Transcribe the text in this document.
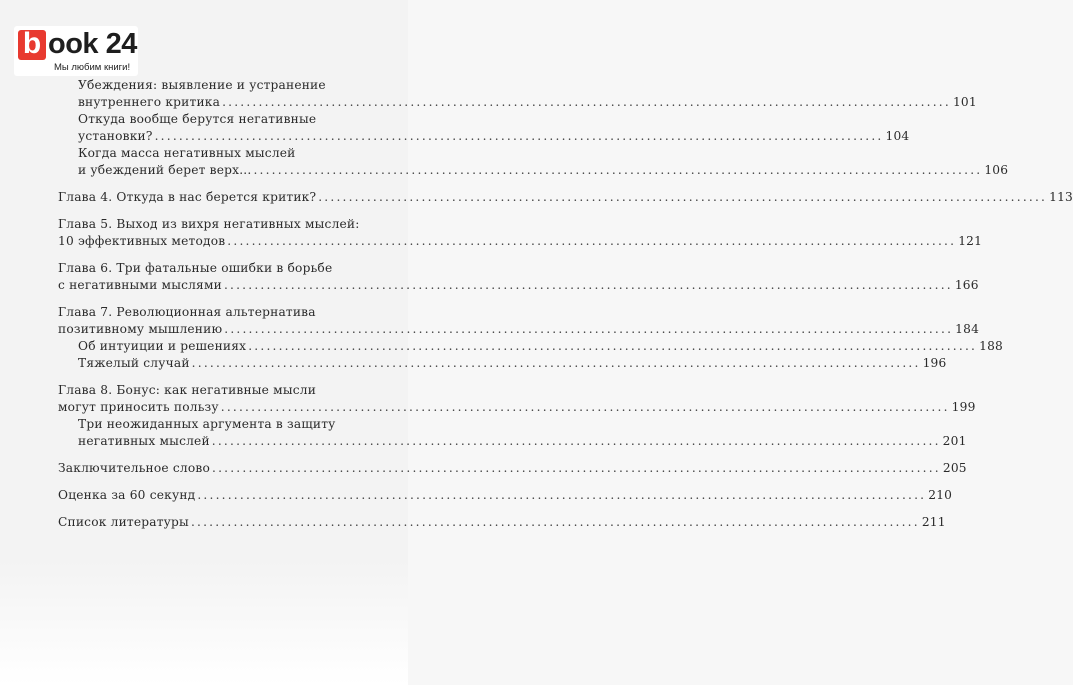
b ook 24
Мы любим книги!
Убеждения: выявление и устранение
внутреннего критика ........................................................................................................................ 101
Откуда вообще берутся негативные
установки? ........................................................................................................................ 104
Когда масса негативных мыслей
и убеждений берет верх... ........................................................................................................................ 106
Глава 4. Откуда в нас берется критик? ........................................................................................................................ 113
Глава 5. Выход из вихря негативных мыслей:
10 эффективных методов ........................................................................................................................ 121
Глава 6. Три фатальные ошибки в борьбе
с негативными мыслями ........................................................................................................................ 166
Глава 7. Революционная альтернатива
позитивному мышлению ........................................................................................................................ 184
Об интуиции и решениях ........................................................................................................................ 188
Тяжелый случай ........................................................................................................................ 196
Глава 8. Бонус: как негативные мысли
могут приносить пользу ........................................................................................................................ 199
Три неожиданных аргумента в защиту
негативных мыслей ........................................................................................................................ 201
Заключительное слово ........................................................................................................................ 205
Оценка за 60 секунд ........................................................................................................................ 210
Список литературы ........................................................................................................................ 211
